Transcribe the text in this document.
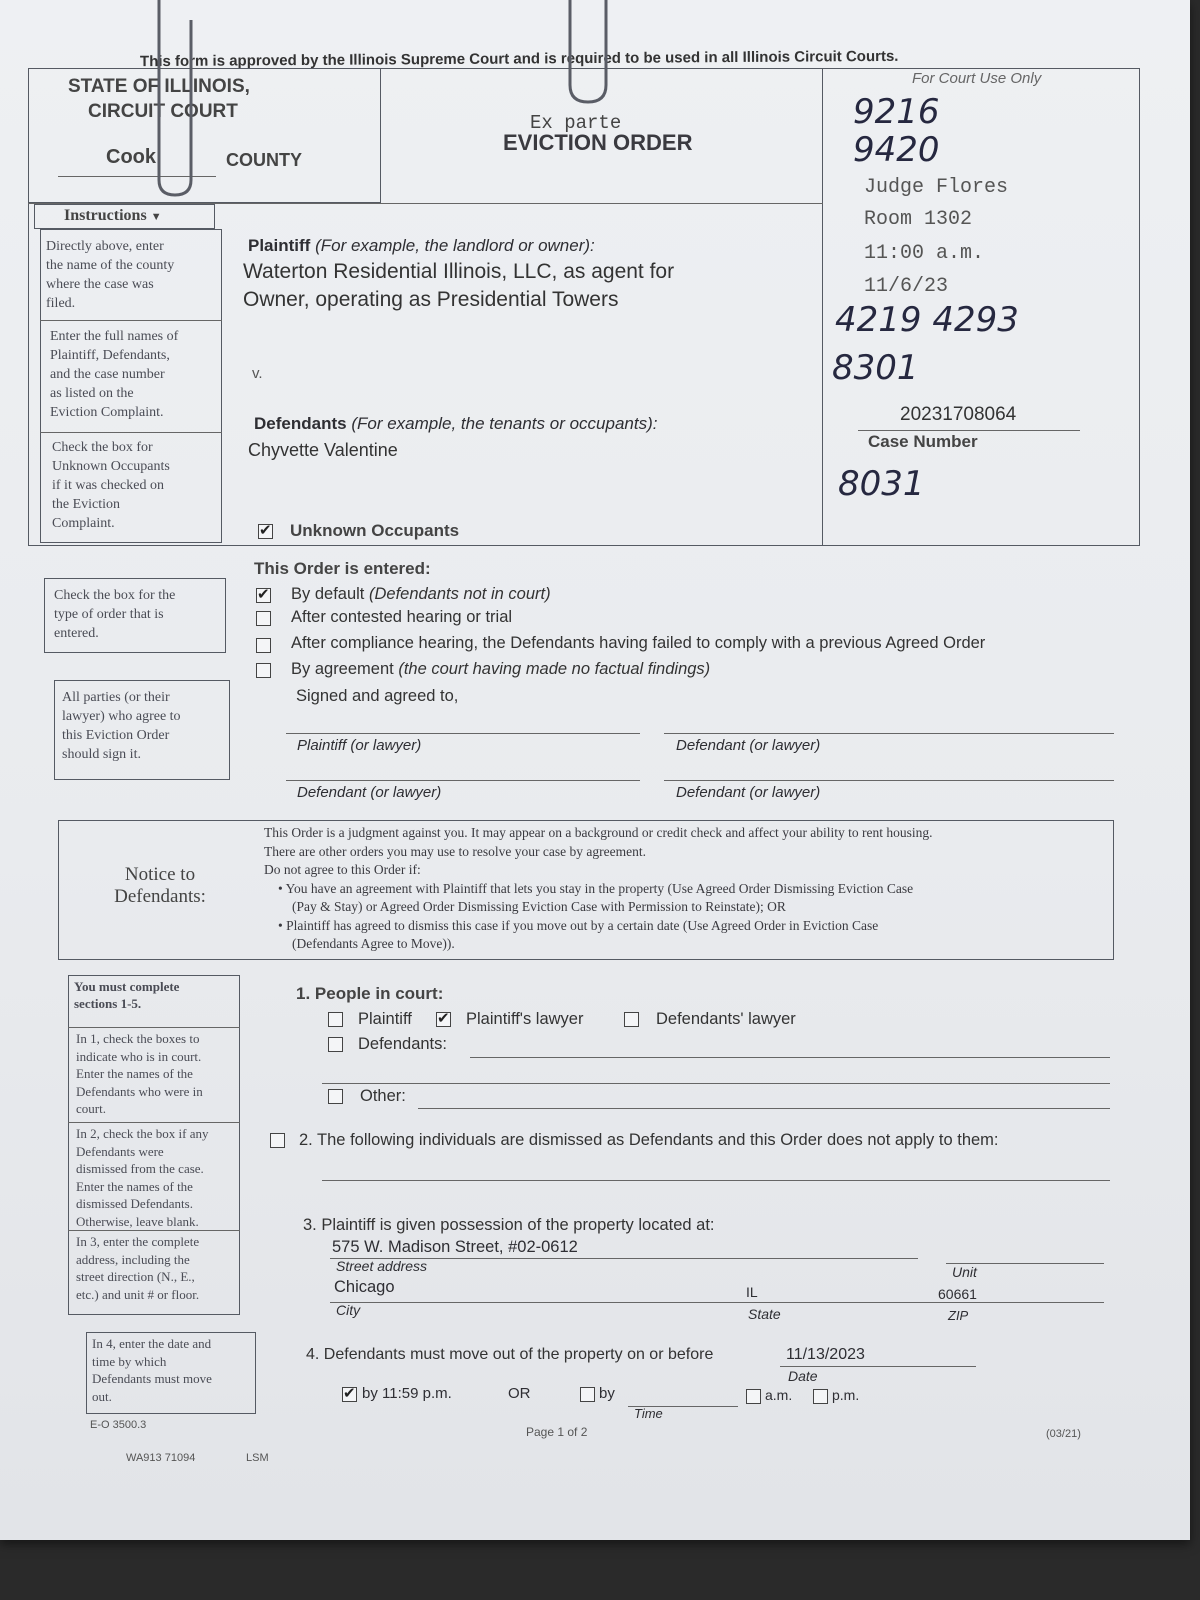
This form is approved by the Illinois Supreme Court and is required to be used in all Illinois Circuit Courts.
STATE OF ILLINOIS,
CIRCUIT COURT
Cook	COUNTY
Ex parte
EVICTION ORDER
For Court Use Only
9216
9420
Judge Flores
Room 1302
11:00 a.m.
11/6/23
4219 4293
8301
20231708064
Case Number
8031
Instructions ▼
Directly above, enter
the name of the county
where the case was
filed.
Enter the full names of
Plaintiff, Defendants,
and the case number
as listed on the
Eviction Complaint.
Check the box for
Unknown Occupants
if it was checked on
the Eviction
Complaint.
Plaintiff (For example, the landlord or owner):
Waterton Residential Illinois, LLC, as agent for
Owner, operating as Presidential Towers
v.
Defendants (For example, the tenants or occupants):
Chyvette Valentine
✔
Unknown Occupants
This Order is entered:
Check the box for the
type of order that is
entered.
✔
By default (Defendants not in court)
After contested hearing or trial
After compliance hearing, the Defendants having failed to comply with a previous Agreed Order
By agreement (the court having made no factual findings)
Signed and agreed to,
All parties (or their
lawyer) who agree to
this Eviction Order
should sign it.
Plaintiff (or lawyer)	Defendant (or lawyer)
Defendant (or lawyer)	Defendant (or lawyer)
Notice to
Defendants:
This Order is a judgment against you. It may appear on a background or credit check and affect your ability to rent housing.
There are other orders you may use to resolve your case by agreement.
Do not agree to this Order if:
• You have an agreement with Plaintiff that lets you stay in the property (Use Agreed Order Dismissing Eviction Case
(Pay & Stay) or Agreed Order Dismissing Eviction Case with Permission to Reinstate); OR
• Plaintiff has agreed to dismiss this case if you move out by a certain date (Use Agreed Order in Eviction Case
(Defendants Agree to Move)).
You must complete
sections 1-5.
In 1, check the boxes to
indicate who is in court.
Enter the names of the
Defendants who were in
court.
In 2, check the box if any
Defendants were
dismissed from the case.
Enter the names of the
dismissed Defendants.
Otherwise, leave blank.
In 3, enter the complete
address, including the
street direction (N., E.,
etc.) and unit # or floor.
In 4, enter the date and
time by which
Defendants must move
out.
1. People in court:
Plaintiff
✔	Plaintiff's lawyer	Defendants' lawyer
Defendants:
Other:
2. The following individuals are dismissed as Defendants and this Order does not apply to them:
3. Plaintiff is given possession of the property located at:
575 W. Madison Street, #02-0612
Street address	Unit
Chicago	IL	60661
City	State	ZIP
4. Defendants must move out of the property on or before	11/13/2023
Date
✔
by 11:59 p.m.	OR	by
Time
a.m.	p.m.
E-O 3500.3	Page 1 of 2	(03/21)
WA913 71094	LSM
